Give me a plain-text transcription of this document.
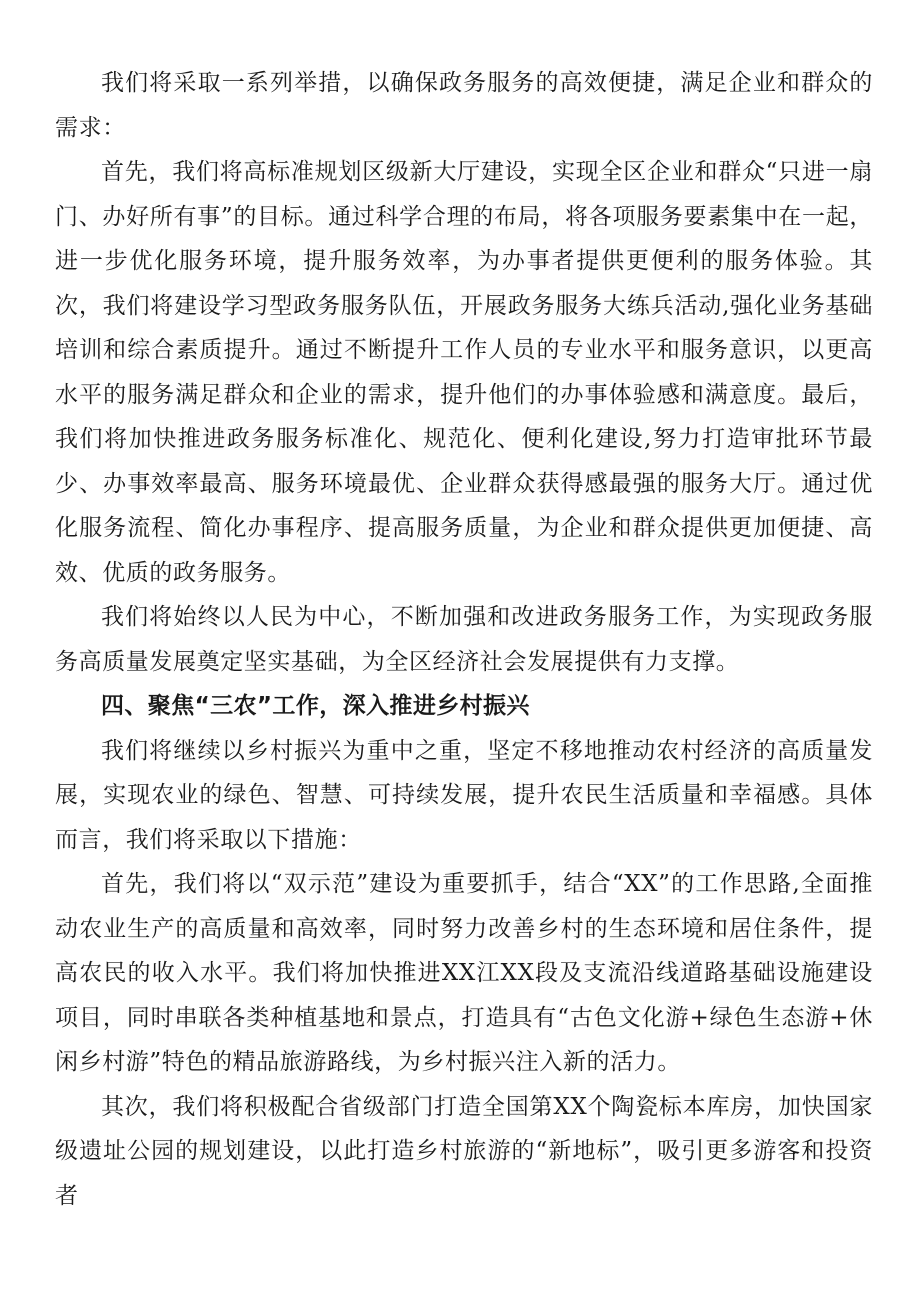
我们将采取一系列举措，以确保政务服务的高效便捷，满足企业和群众的需求：

首先，我们将高标准规划区级新大厅建设，实现全区企业和群众“只进一扇门、办好所有事”的目标。通过科学合理的布局，将各项服务要素集中在一起，进一步优化服务环境，提升服务效率，为办事者提供更便利的服务体验。其次，我们将建设学习型政务服务队伍，开展政务服务大练兵活动,强化业务基础培训和综合素质提升。通过不断提升工作人员的专业水平和服务意识，以更高水平的服务满足群众和企业的需求，提升他们的办事体验感和满意度。最后，我们将加快推进政务服务标准化、规范化、便利化建设,努力打造审批环节最少、办事效率最高、服务环境最优、企业群众获得感最强的服务大厅。通过优化服务流程、简化办事程序、提高服务质量，为企业和群众提供更加便捷、高效、优质的政务服务。

我们将始终以人民为中心，不断加强和改进政务服务工作，为实现政务服务高质量发展奠定坚实基础，为全区经济社会发展提供有力支撑。

四、聚焦“三农”工作，深入推进乡村振兴

我们将继续以乡村振兴为重中之重，坚定不移地推动农村经济的高质量发展，实现农业的绿色、智慧、可持续发展，提升农民生活质量和幸福感。具体而言，我们将采取以下措施：

首先，我们将以“双示范”建设为重要抓手，结合“XX”的工作思路,全面推动农业生产的高质量和高效率，同时努力改善乡村的生态环境和居住条件，提高农民的收入水平。我们将加快推进XX江XX段及支流沿线道路基础设施建设项目，同时串联各类种植基地和景点，打造具有“古色文化游+绿色生态游+休闲乡村游”特色的精品旅游路线，为乡村振兴注入新的活力。

其次，我们将积极配合省级部门打造全国第XX个陶瓷标本库房，加快国家级遗址公园的规划建设，以此打造乡村旅游的“新地标”，吸引更多游客和投资者
